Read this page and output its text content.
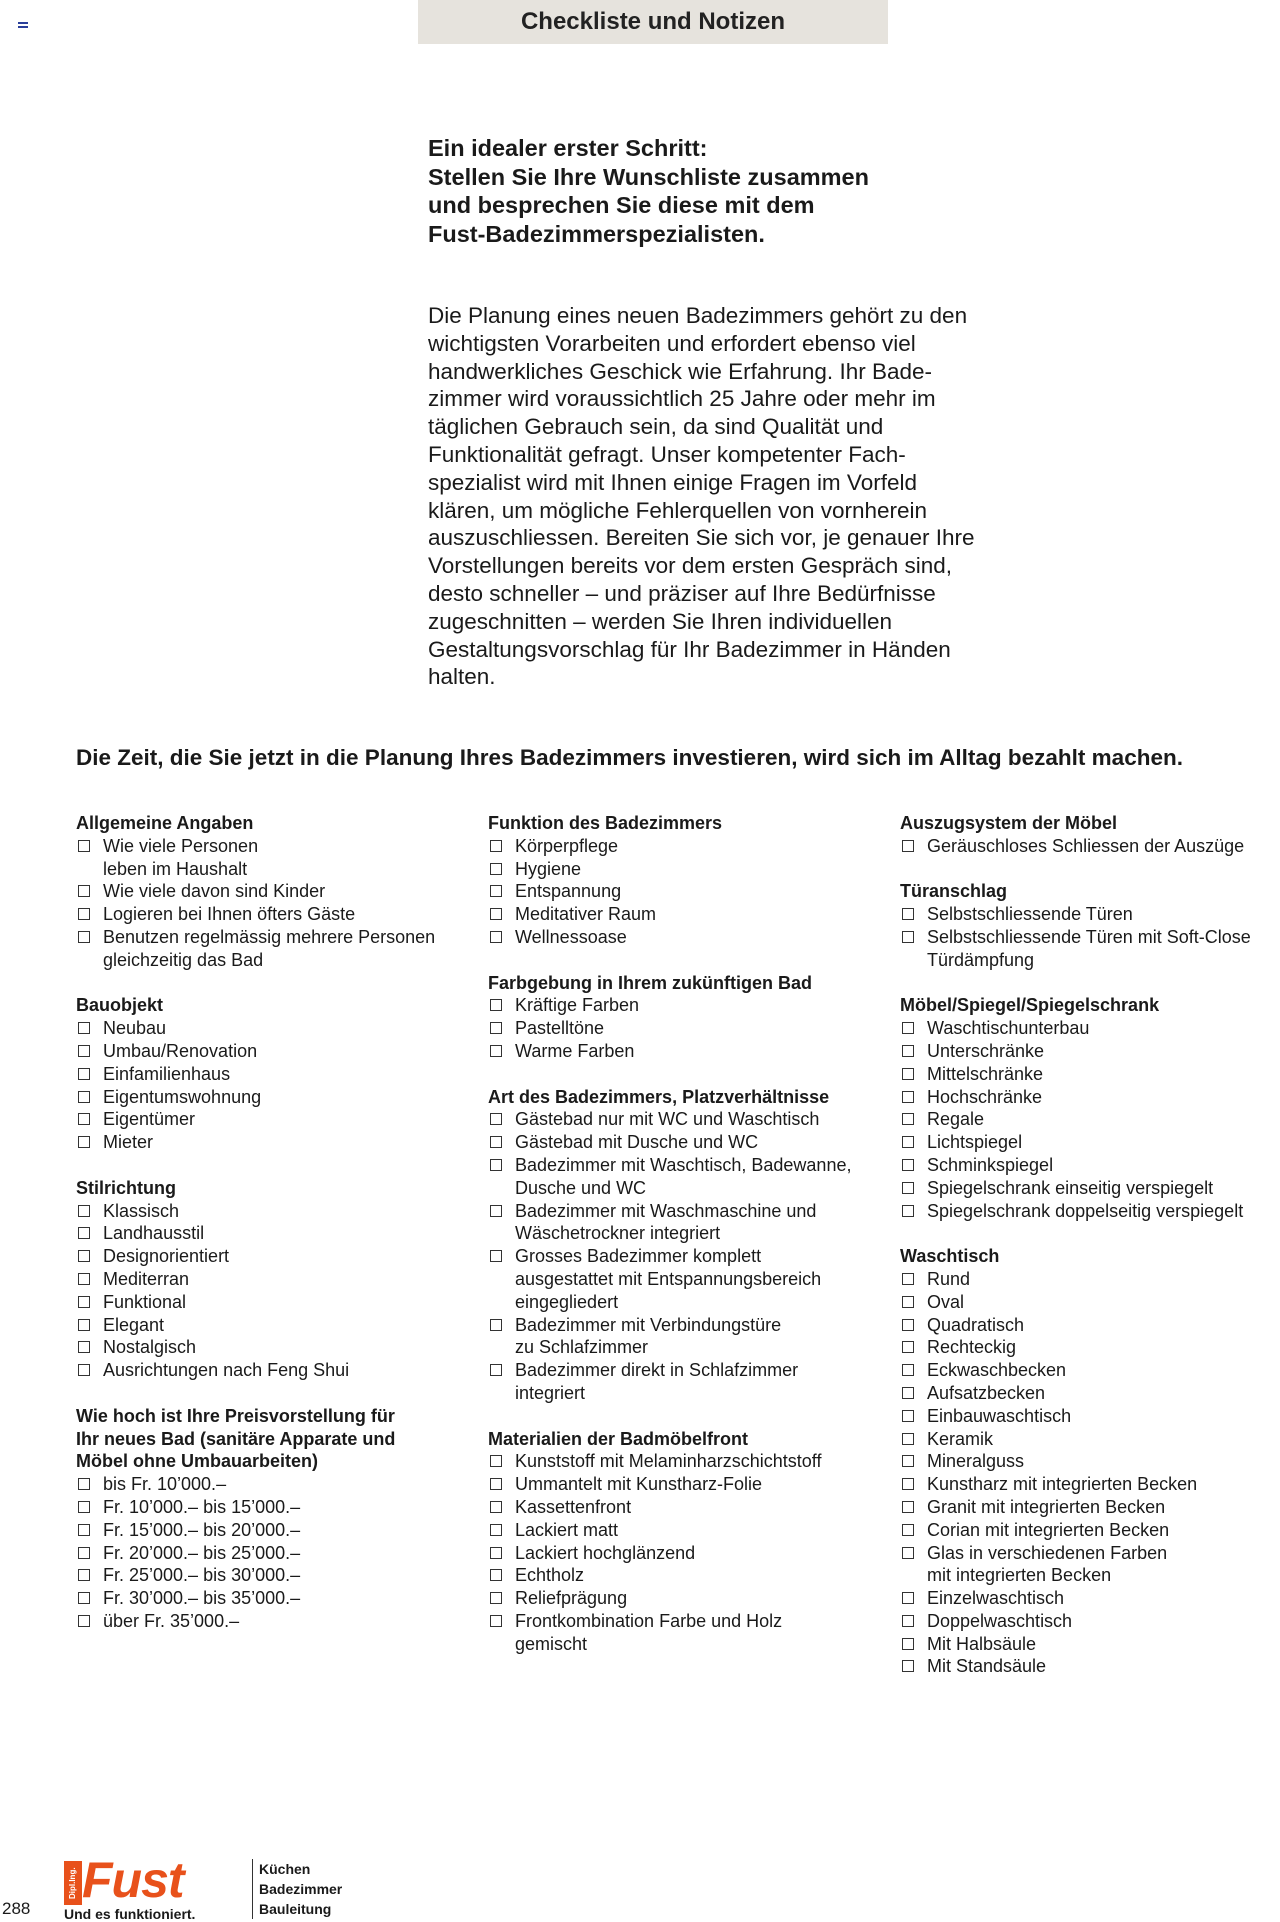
Checkliste und Notizen
Ein idealer erster Schritt:
Stellen Sie Ihre Wunschliste zusammen
und besprechen Sie diese mit dem
Fust-Badezimmerspezialisten.
Die Planung eines neuen Badezimmers gehört zu den
wichtigsten Vorarbeiten und erfordert ebenso viel
handwerkliches Geschick wie Erfahrung. Ihr Bade-
zimmer wird voraussichtlich 25 Jahre oder mehr im
täglichen Gebrauch sein, da sind Qualität und
Funktionalität gefragt. Unser kompetenter Fach-
spezialist wird mit Ihnen einige Fragen im Vorfeld
klären, um mögliche Fehlerquellen von vornherein
auszuschliessen. Bereiten Sie sich vor, je genauer Ihre
Vorstellungen bereits vor dem ersten Gespräch sind,
desto schneller – und präziser auf Ihre Bedürfnisse
zugeschnitten – werden Sie Ihren individuellen
Gestaltungsvorschlag für Ihr Badezimmer in Händen
halten.
Die Zeit, die Sie jetzt in die Planung Ihres Badezimmers investieren, wird sich im Alltag bezahlt machen.
Allgemeine Angaben
Wie viele Personen
leben im Haushalt
Wie viele davon sind Kinder
Logieren bei Ihnen öfters Gäste
Benutzen regelmässig mehrere Personen
gleichzeitig das Bad
Bauobjekt
Neubau
Umbau/Renovation
Einfamilienhaus
Eigentumswohnung
Eigentümer
Mieter
Stilrichtung
Klassisch
Landhausstil
Designorientiert
Mediterran
Funktional
Elegant
Nostalgisch
Ausrichtungen nach Feng Shui
Wie hoch ist Ihre Preisvorstellung für
Ihr neues Bad (sanitäre Apparate und
Möbel ohne Umbauarbeiten)
bis Fr. 10’000.–
Fr. 10’000.– bis 15’000.–
Fr. 15’000.– bis 20’000.–
Fr. 20’000.– bis 25’000.–
Fr. 25’000.– bis 30’000.–
Fr. 30’000.– bis 35’000.–
über Fr. 35’000.–
Funktion des Badezimmers
Körperpflege
Hygiene
Entspannung
Meditativer Raum
Wellnessoase
Farbgebung in Ihrem zukünftigen Bad
Kräftige Farben
Pastelltöne
Warme Farben
Art des Badezimmers, Platzverhältnisse
Gästebad nur mit WC und Waschtisch
Gästebad mit Dusche und WC
Badezimmer mit Waschtisch, Badewanne,
Dusche und WC
Badezimmer mit Waschmaschine und
Wäschetrockner integriert
Grosses Badezimmer komplett
ausgestattet mit Entspannungsbereich
eingegliedert
Badezimmer mit Verbindungstüre
zu Schlafzimmer
Badezimmer direkt in Schlafzimmer
integriert
Materialien der Badmöbelfront
Kunststoff mit Melaminharzschichtstoff
Ummantelt mit Kunstharz-Folie
Kassettenfront
Lackiert matt
Lackiert hochglänzend
Echtholz
Reliefprägung
Frontkombination Farbe und Holz
gemischt
Auszugsystem der Möbel
Geräuschloses Schliessen der Auszüge
Türanschlag
Selbstschliessende Türen
Selbstschliessende Türen mit Soft-Close
Türdämpfung
Möbel/Spiegel/Spiegelschrank
Waschtischunterbau
Unterschränke
Mittelschränke
Hochschränke
Regale
Lichtspiegel
Schminkspiegel
Spiegelschrank einseitig verspiegelt
Spiegelschrank doppelseitig verspiegelt
Waschtisch
Rund
Oval
Quadratisch
Rechteckig
Eckwaschbecken
Aufsatzbecken
Einbauwaschtisch
Keramik
Mineralguss
Kunstharz mit integrierten Becken
Granit mit integrierten Becken
Corian mit integrierten Becken
Glas in verschiedenen Farben
mit integrierten Becken
Einzelwaschtisch
Doppelwaschtisch
Mit Halbsäule
Mit Standsäule
288
Dipl.Ing. Fust
Und es funktioniert.
Küchen
Badezimmer
Bauleitung
